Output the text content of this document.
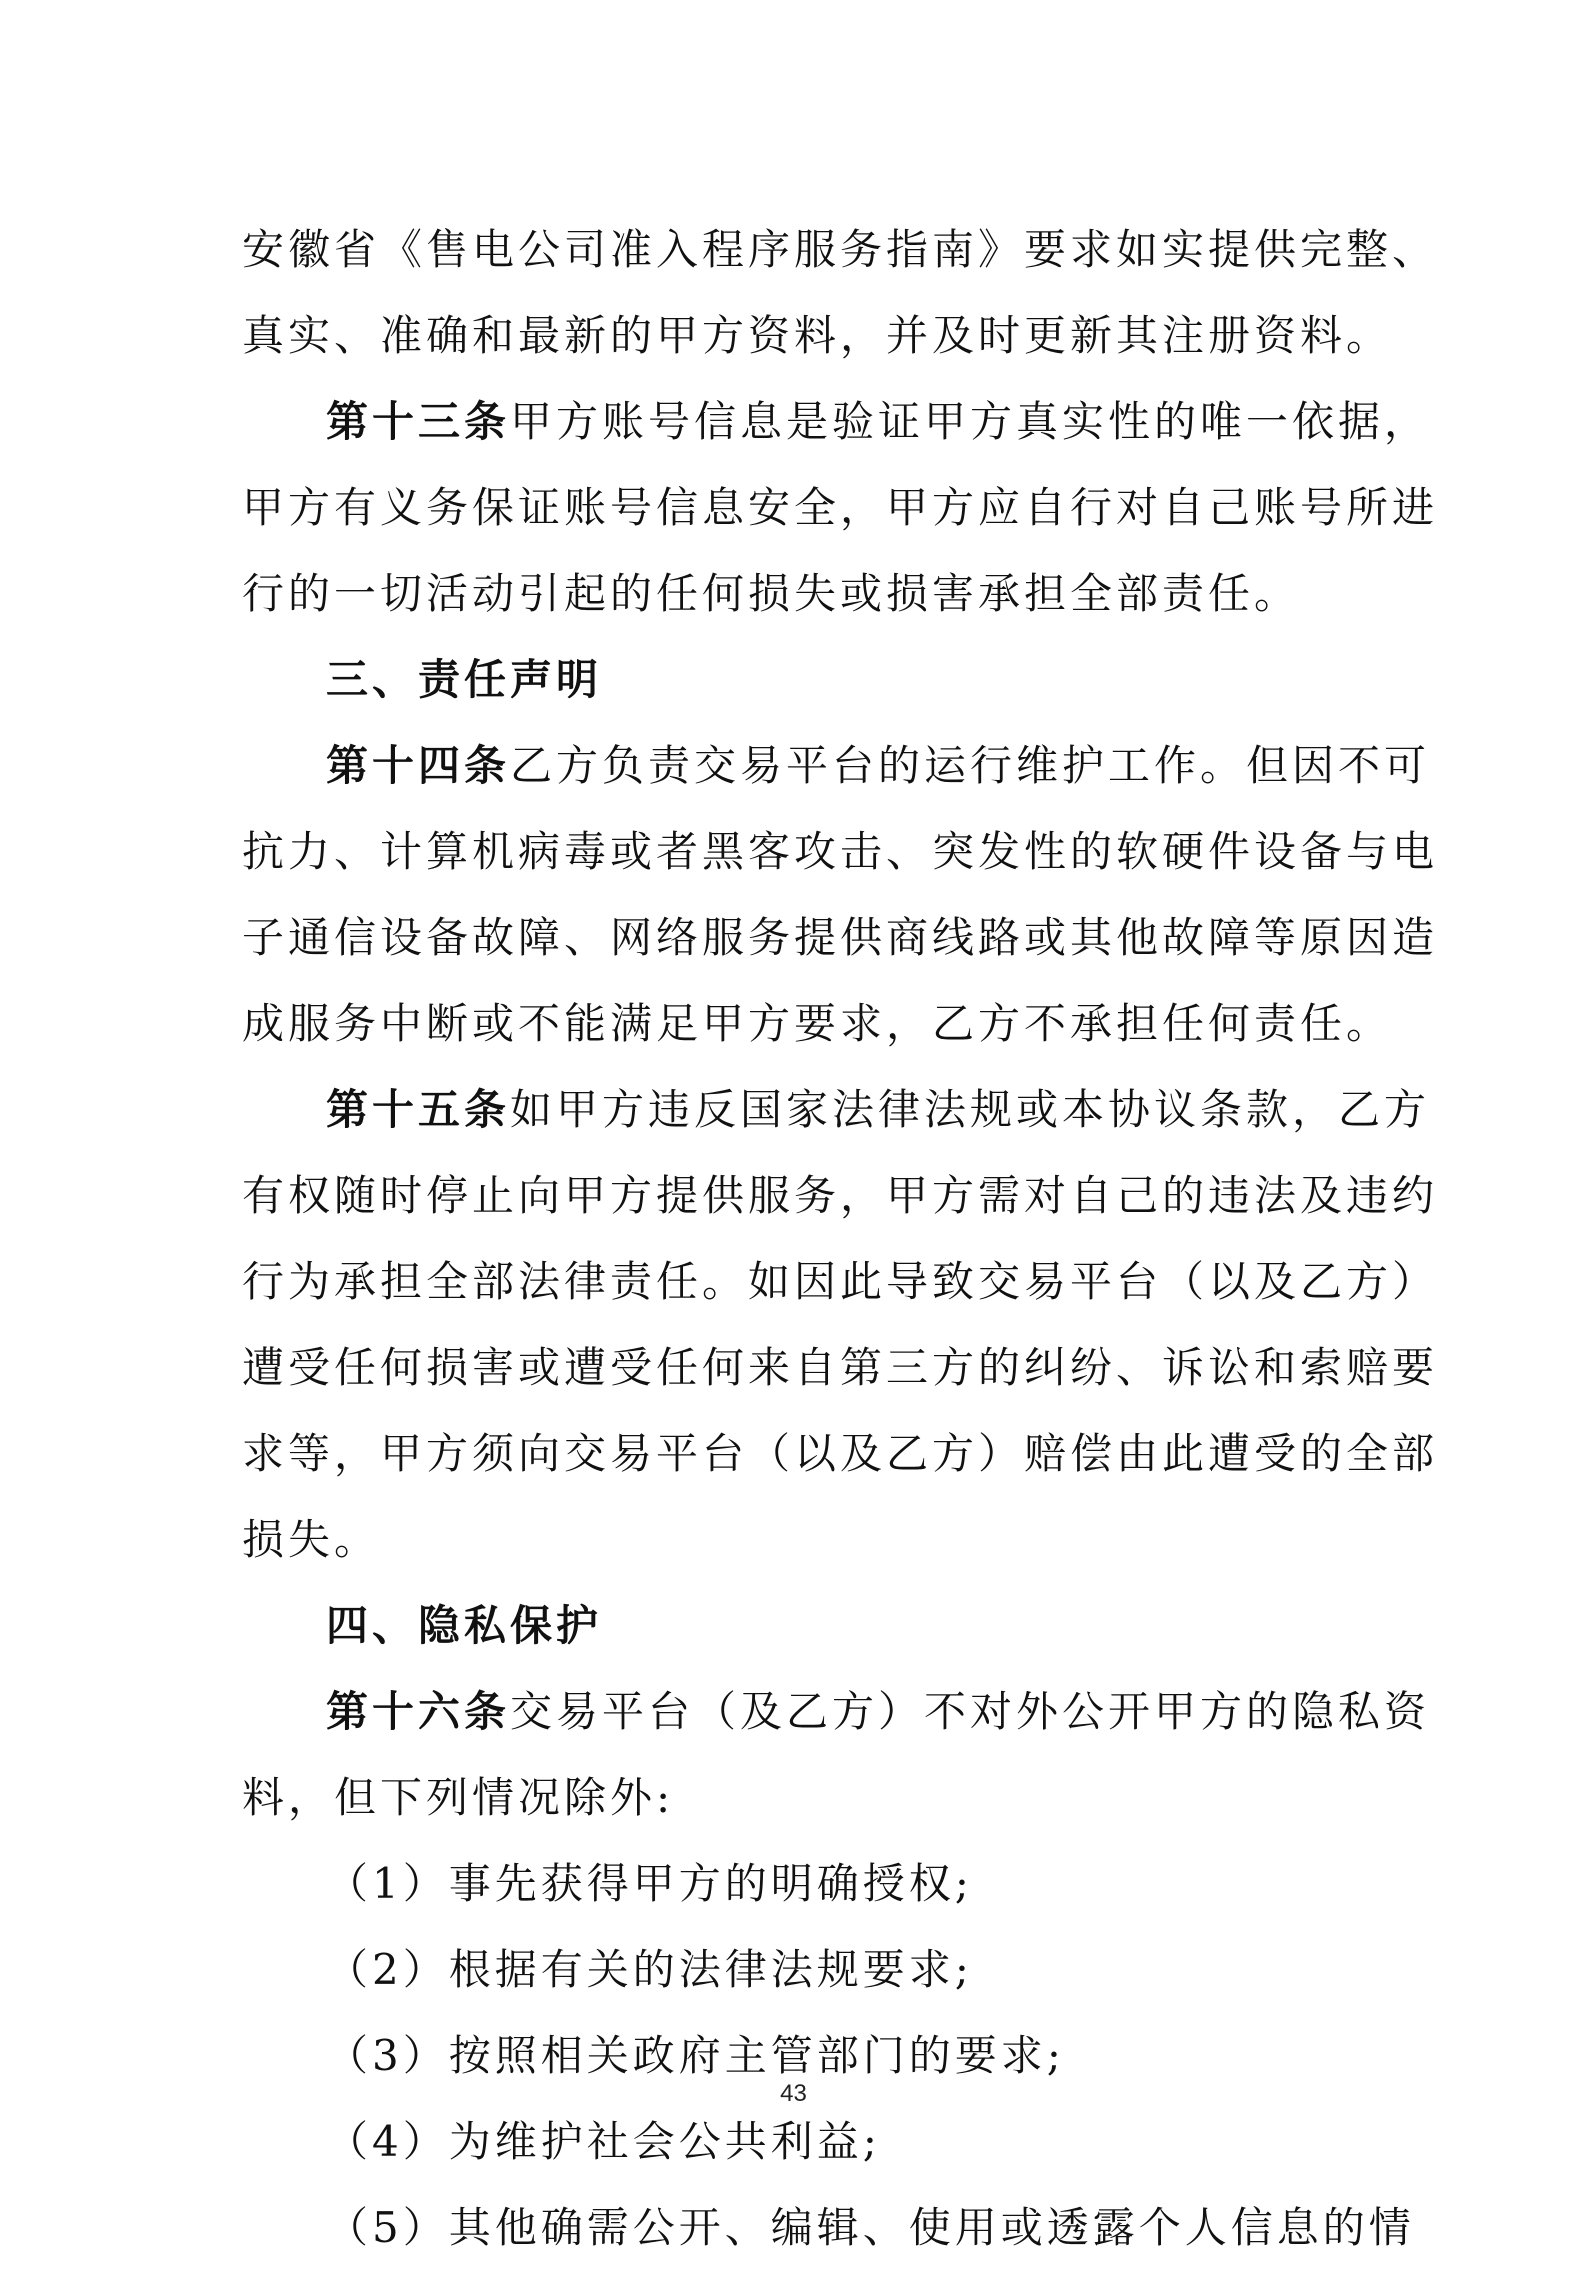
安徽省《售电公司准入程序服务指南》要求如实提供完整、
真实、准确和最新的甲方资料，并及时更新其注册资料。
第十三条甲方账号信息是验证甲方真实性的唯一依据，
甲方有义务保证账号信息安全，甲方应自行对自己账号所进
行的一切活动引起的任何损失或损害承担全部责任。
三、责任声明
第十四条乙方负责交易平台的运行维护工作。但因不可
抗力、计算机病毒或者黑客攻击、突发性的软硬件设备与电
子通信设备故障、网络服务提供商线路或其他故障等原因造
成服务中断或不能满足甲方要求，乙方不承担任何责任。
第十五条如甲方违反国家法律法规或本协议条款，乙方
有权随时停止向甲方提供服务，甲方需对自己的违法及违约
行为承担全部法律责任。如因此导致交易平台（以及乙方）
遭受任何损害或遭受任何来自第三方的纠纷、诉讼和索赔要
求等，甲方须向交易平台（以及乙方）赔偿由此遭受的全部
损失。
四、隐私保护
第十六条交易平台（及乙方）不对外公开甲方的隐私资
料，但下列情况除外:
（1）事先获得甲方的明确授权;
（2）根据有关的法律法规要求;
（3）按照相关政府主管部门的要求;
（4）为维护社会公共利益;
（5）其他确需公开、编辑、使用或透露个人信息的情
43
